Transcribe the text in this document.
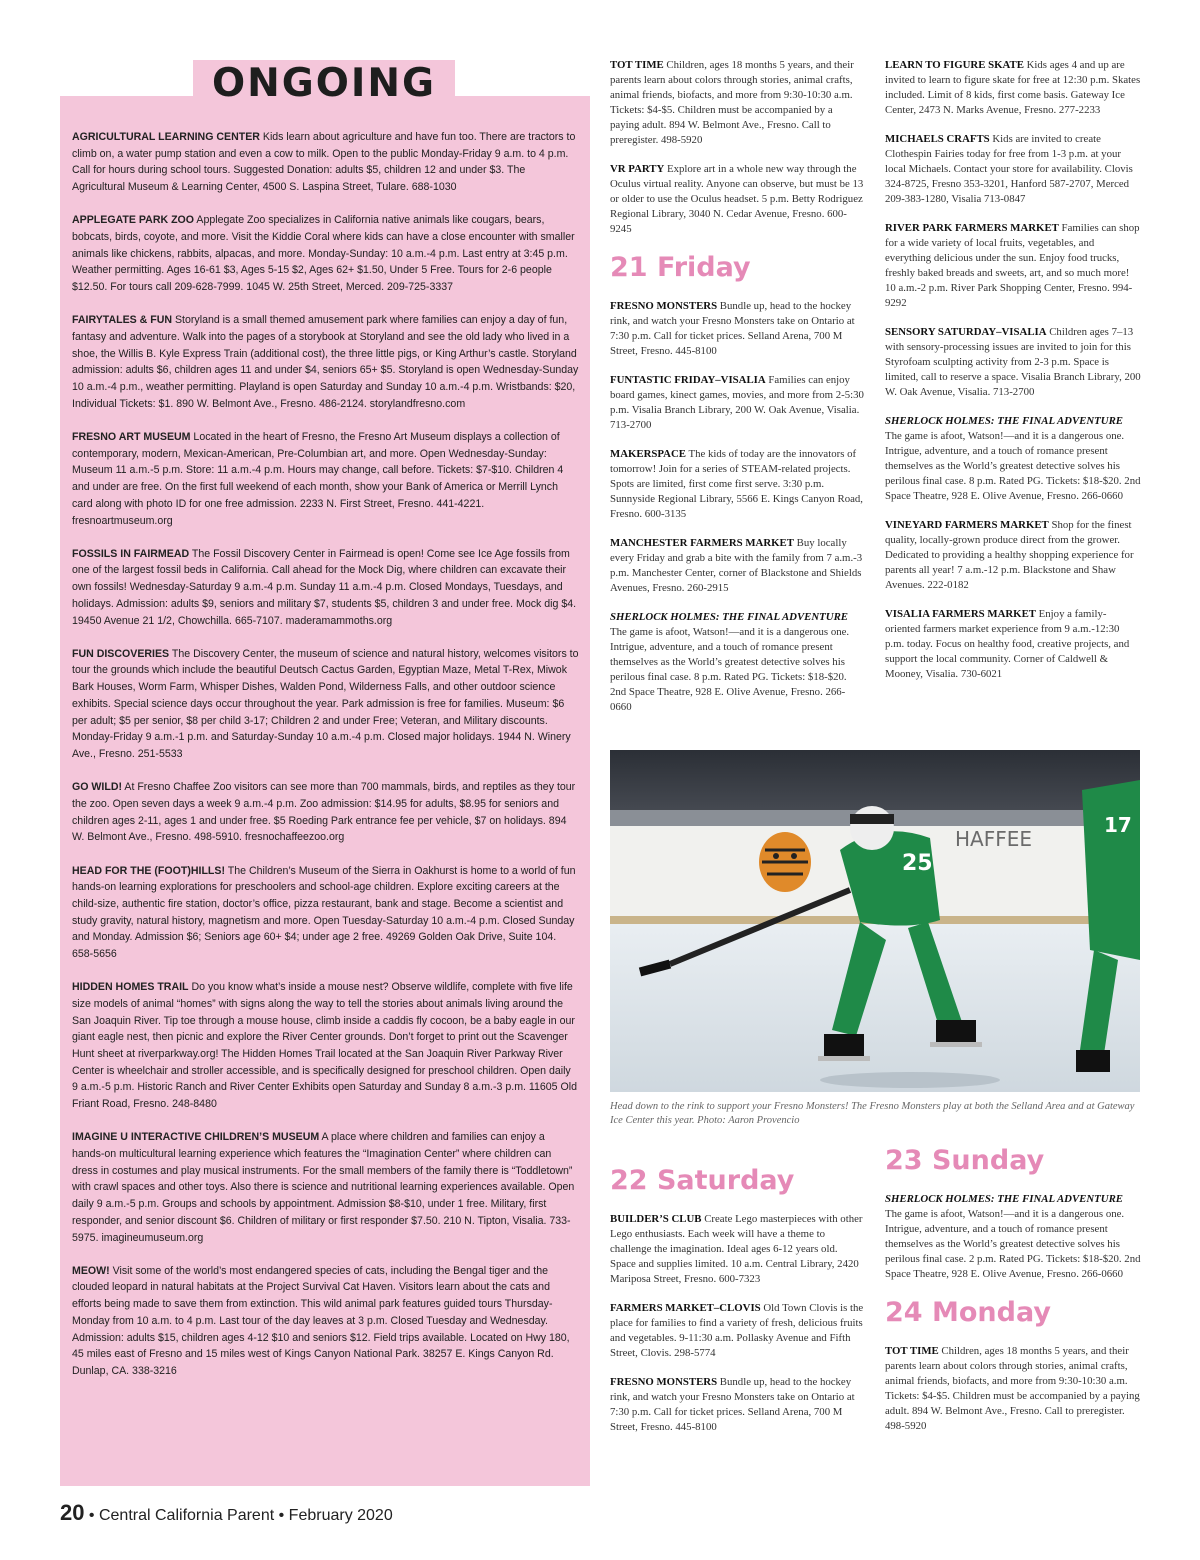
AGRICULTURAL LEARNING CENTER Kids learn about agriculture and have fun too. There are tractors to climb on, a water pump station and even a cow to milk. Open to the public Monday-Friday 9 a.m. to 4 p.m. Call for hours during school tours. Suggested Donation: adults $5, children 12 and under $3. The Agricultural Museum & Learning Center, 4500 S. Laspina Street, Tulare. 688-1030
APPLEGATE PARK ZOO Applegate Zoo specializes in California native animals like cougars, bears, bobcats, birds, coyote, and more. Visit the Kiddie Coral where kids can have a close encounter with smaller animals like chickens, rabbits, alpacas, and more. Monday-Sunday: 10 a.m.-4 p.m. Last entry at 3:45 p.m. Weather permitting. Ages 16-61 $3, Ages 5-15 $2, Ages 62+ $1.50, Under 5 Free. Tours for 2-6 people $12.50. For tours call 209-628-7999. 1045 W. 25th Street, Merced. 209-725-3337
FAIRYTALES & FUN Storyland is a small themed amusement park where families can enjoy a day of fun, fantasy and adventure. Walk into the pages of a storybook at Storyland and see the old lady who lived in a shoe, the Willis B. Kyle Express Train (additional cost), the three little pigs, or King Arthur’s castle. Storyland admission: adults $6, children ages 11 and under $4, seniors 65+ $5. Storyland is open Wednesday-Sunday 10 a.m.-4 p.m., weather permitting. Playland is open Saturday and Sunday 10 a.m.-4 p.m. Wristbands: $20, Individual Tickets: $1. 890 W. Belmont Ave., Fresno. 486-2124. storylandfresno.com
FRESNO ART MUSEUM Located in the heart of Fresno, the Fresno Art Museum displays a collection of contemporary, modern, Mexican-American, Pre-Columbian art, and more. Open Wednesday-Sunday: Museum 11 a.m.-5 p.m. Store: 11 a.m.-4 p.m. Hours may change, call before. Tickets: $7-$10. Children 4 and under are free. On the first full weekend of each month, show your Bank of America or Merrill Lynch card along with photo ID for one free admission. 2233 N. First Street, Fresno. 441-4221. fresnoartmuseum.org
FOSSILS IN FAIRMEAD The Fossil Discovery Center in Fairmead is open! Come see Ice Age fossils from one of the largest fossil beds in California. Call ahead for the Mock Dig, where children can excavate their own fossils! Wednesday-Saturday 9 a.m.-4 p.m. Sunday 11 a.m.-4 p.m. Closed Mondays, Tuesdays, and holidays. Admission: adults $9, seniors and military $7, students $5, children 3 and under free. Mock dig $4. 19450 Avenue 21 1/2, Chowchilla. 665-7107. maderamammoths.org
FUN DISCOVERIES The Discovery Center, the museum of science and natural history, welcomes visitors to tour the grounds which include the beautiful Deutsch Cactus Garden, Egyptian Maze, Metal T-Rex, Miwok Bark Houses, Worm Farm, Whisper Dishes, Walden Pond, Wilderness Falls, and other outdoor science exhibits. Special science days occur throughout the year. Park admission is free for families. Museum: $6 per adult; $5 per senior, $8 per child 3-17; Children 2 and under Free; Veteran, and Military discounts. Monday-Friday 9 a.m.-1 p.m. and Saturday-Sunday 10 a.m.-4 p.m. Closed major holidays. 1944 N. Winery Ave., Fresno. 251-5533
GO WILD! At Fresno Chaffee Zoo visitors can see more than 700 mammals, birds, and reptiles as they tour the zoo. Open seven days a week 9 a.m.-4 p.m. Zoo admission: $14.95 for adults, $8.95 for seniors and children ages 2-11, ages 1 and under free. $5 Roeding Park entrance fee per vehicle, $7 on holidays. 894 W. Belmont Ave., Fresno. 498-5910. fresnochaffeezoo.org
HEAD FOR THE (FOOT)HILLS! The Children’s Museum of the Sierra in Oakhurst is home to a world of fun hands-on learning explorations for preschoolers and school-age children. Explore exciting careers at the child-size, authentic fire station, doctor’s office, pizza restaurant, bank and stage. Become a scientist and study gravity, natural history, magnetism and more. Open Tuesday-Saturday 10 a.m.-4 p.m. Closed Sunday and Monday. Admission $6; Seniors age 60+ $4; under age 2 free. 49269 Golden Oak Drive, Suite 104. 658-5656
HIDDEN HOMES TRAIL Do you know what’s inside a mouse nest? Observe wildlife, complete with five life size models of animal “homes” with signs along the way to tell the stories about animals living around the San Joaquin River. Tip toe through a mouse house, climb inside a caddis fly cocoon, be a baby eagle in our giant eagle nest, then picnic and explore the River Center grounds. Don’t forget to print out the Scavenger Hunt sheet at riverparkway.org! The Hidden Homes Trail located at the San Joaquin River Parkway River Center is wheelchair and stroller accessible, and is specifically designed for preschool children. Open daily 9 a.m.-5 p.m. Historic Ranch and River Center Exhibits open Saturday and Sunday 8 a.m.-3 p.m. 11605 Old Friant Road, Fresno. 248-8480
IMAGINE U INTERACTIVE CHILDREN’S MUSEUM A place where children and families can enjoy a hands-on multicultural learning experience which features the “Imagination Center” where children can dress in costumes and play musical instruments. For the small members of the family there is “Toddletown” with crawl spaces and other toys. Also there is science and nutritional learning experiences available. Open daily 9 a.m.-5 p.m. Groups and schools by appointment. Admission $8-$10, under 1 free. Military, first responder, and senior discount $6. Children of military or first responder $7.50. 210 N. Tipton, Visalia. 733-5975. imagineumuseum.org
MEOW! Visit some of the world’s most endangered species of cats, including the Bengal tiger and the clouded leopard in natural habitats at the Project Survival Cat Haven. Visitors learn about the cats and efforts being made to save them from extinction. This wild animal park features guided tours Thursday-Monday from 10 a.m. to 4 p.m. Last tour of the day leaves at 3 p.m. Closed Tuesday and Wednesday. Admission: adults $15, children ages 4-12 $10 and seniors $12. Field trips available. Located on Hwy 180, 45 miles east of Fresno and 15 miles west of Kings Canyon National Park. 38257 E. Kings Canyon Rd. Dunlap, CA. 338-3216
ONGOING	TOT TIME Children, ages 18 months 5 years, and their parents learn about colors through stories, animal crafts, animal friends, biofacts, and more from 9:30-10:30 a.m. Tickets: $4-$5. Children must be accompanied by a paying adult. 894 W. Belmont Ave., Fresno. Call to preregister. 498-5920
VR PARTY Explore art in a whole new way through the Oculus virtual reality. Anyone can observe, but must be 13 or older to use the Oculus headset. 5 p.m. Betty Rodriguez Regional Library, 3040 N. Cedar Avenue, Fresno. 600-9245
21 Friday
FRESNO MONSTERS Bundle up, head to the hockey rink, and watch your Fresno Monsters take on Ontario at 7:30 p.m. Call for ticket prices. Selland Arena, 700 M Street, Fresno. 445-8100
FUNTASTIC FRIDAY–VISALIA Families can enjoy board games, kinect games, movies, and more from 2-5:30 p.m. Visalia Branch Library, 200 W. Oak Avenue, Visalia. 713-2700
MAKERSPACE The kids of today are the innovators of tomorrow! Join for a series of STEAM-related projects. Spots are limited, first come first serve. 3:30 p.m. Sunnyside Regional Library, 5566 E. Kings Canyon Road, Fresno. 600-3135
MANCHESTER FARMERS MARKET Buy locally every Friday and grab a bite with the family from 7 a.m.-3 p.m. Manchester Center, corner of Blackstone and Shields Avenues, Fresno. 260-2915
SHERLOCK HOLMES: THE FINAL ADVENTURE The game is afoot, Watson!—and it is a dangerous one. Intrigue, adventure, and a touch of romance present themselves as the World’s greatest detective solves his perilous final case. 8 p.m. Rated PG. Tickets: $18-$20. 2nd Space Theatre, 928 E. Olive Avenue, Fresno. 266-0660
LEARN TO FIGURE SKATE Kids ages 4 and up are invited to learn to figure skate for free at 12:30 p.m. Skates included. Limit of 8 kids, first come basis. Gateway Ice Center, 2473 N. Marks Avenue, Fresno. 277-2233
MICHAELS CRAFTS Kids are invited to create Clothespin Fairies today for free from 1-3 p.m. at your local Michaels. Contact your store for availability. Clovis 324-8725, Fresno 353-3201, Hanford 587-2707, Merced 209-383-1280, Visalia 713-0847
RIVER PARK FARMERS MARKET Families can shop for a wide variety of local fruits, vegetables, and everything delicious under the sun. Enjoy food trucks, freshly baked breads and sweets, art, and so much more! 10 a.m.-2 p.m. River Park Shopping Center, Fresno. 994-9292
SENSORY SATURDAY–VISALIA Children ages 7–13 with sensory-processing issues are invited to join for this Styrofoam sculpting activity from 2-3 p.m. Space is limited, call to reserve a space. Visalia Branch Library, 200 W. Oak Avenue, Visalia. 713-2700
SHERLOCK HOLMES: THE FINAL ADVENTURE The game is afoot, Watson!—and it is a dangerous one. Intrigue, adventure, and a touch of romance present themselves as the World’s greatest detective solves his perilous final case. 8 p.m. Rated PG. Tickets: $18-$20. 2nd Space Theatre, 928 E. Olive Avenue, Fresno. 266-0660
VINEYARD FARMERS MARKET Shop for the finest quality, locally-grown produce direct from the grower. Dedicated to providing a healthy shopping experience for parents all year! 7 a.m.-12 p.m. Blackstone and Shaw Avenues. 222-0182
VISALIA FARMERS MARKET Enjoy a family-oriented farmers market experience from 9 a.m.-12:30 p.m. today. Focus on healthy food, creative projects, and support the local community. Corner of Caldwell & Mooney, Visalia. 730-6021
HAFFEE
25
17
Head down to the rink to support your Fresno Monsters! The Fresno Monsters play at both the Selland Area and at Gateway Ice Center this year. Photo: Aaron Provencio
22 Saturday
BUILDER’S CLUB Create Lego masterpieces with other Lego enthusiasts. Each week will have a theme to challenge the imagination. Ideal ages 6-12 years old. Space and supplies limited. 10 a.m. Central Library, 2420 Mariposa Street, Fresno. 600-7323
FARMERS MARKET–CLOVIS Old Town Clovis is the place for families to find a variety of fresh, delicious fruits and vegetables. 9-11:30 a.m. Pollasky Avenue and Fifth Street, Clovis. 298-5774
FRESNO MONSTERS Bundle up, head to the hockey rink, and watch your Fresno Monsters take on Ontario at 7:30 p.m. Call for ticket prices. Selland Arena, 700 M Street, Fresno. 445-8100
23 Sunday
SHERLOCK HOLMES: THE FINAL ADVENTURE The game is afoot, Watson!—and it is a dangerous one. Intrigue, adventure, and a touch of romance present themselves as the World’s greatest detective solves his perilous final case. 2 p.m. Rated PG. Tickets: $18-$20. 2nd Space Theatre, 928 E. Olive Avenue, Fresno. 266-0660
24 Monday
TOT TIME Children, ages 18 months 5 years, and their parents learn about colors through stories, animal crafts, animal friends, biofacts, and more from 9:30-10:30 a.m. Tickets: $4-$5. Children must be accompanied by a paying adult. 894 W. Belmont Ave., Fresno. Call to preregister. 498-5920
20 • Central California Parent • February 2020
